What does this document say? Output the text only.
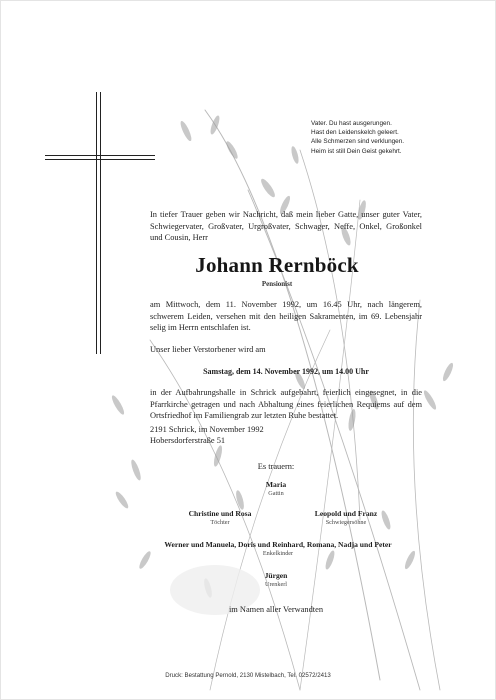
Vater. Du hast ausgerungen.
Hast den Leidenskelch geleert.
Alle Schmerzen sind verklungen.
Heim ist still Dein Geist gekehrt.
In tiefer Trauer geben wir Nachricht, daß mein lieber Gatte, unser guter Vater, Schwiegervater, Großvater, Urgroßvater, Schwager, Neffe, Onkel, Großonkel und Cousin, Herr
Johann Rernböck
Pensionist
am Mittwoch, dem 11. November 1992, um 16.45 Uhr, nach längerem, schwerem Leiden, versehen mit den heiligen Sakramenten, im 69. Lebensjahr selig im Herrn entschlafen ist.
Unser lieber Verstorbener wird am
Samstag, dem 14. November 1992, um 14.00 Uhr
in der Aufbahrungshalle in Schrick aufgebahrt, feierlich eingesegnet, in die Pfarrkirche getragen und nach Abhaltung eines feierlichen Requiems auf dem Ortsfriedhof im Familiengrab zur letzten Ruhe bestattet.
2191 Schrick, im November 1992
Hobersdorferstraße 51
Es trauern:
Maria
Gattin
Christine und Rosa
Töchter
Leopold und Franz
Schwiegersöhne
Werner und Manuela, Doris und Reinhard, Romana, Nadja und Peter
Enkelkinder
Jürgen
Urenkerl
im Namen aller Verwandten
Druck: Bestattung Pernold, 2130 Mistelbach, Tel. 02572/2413
